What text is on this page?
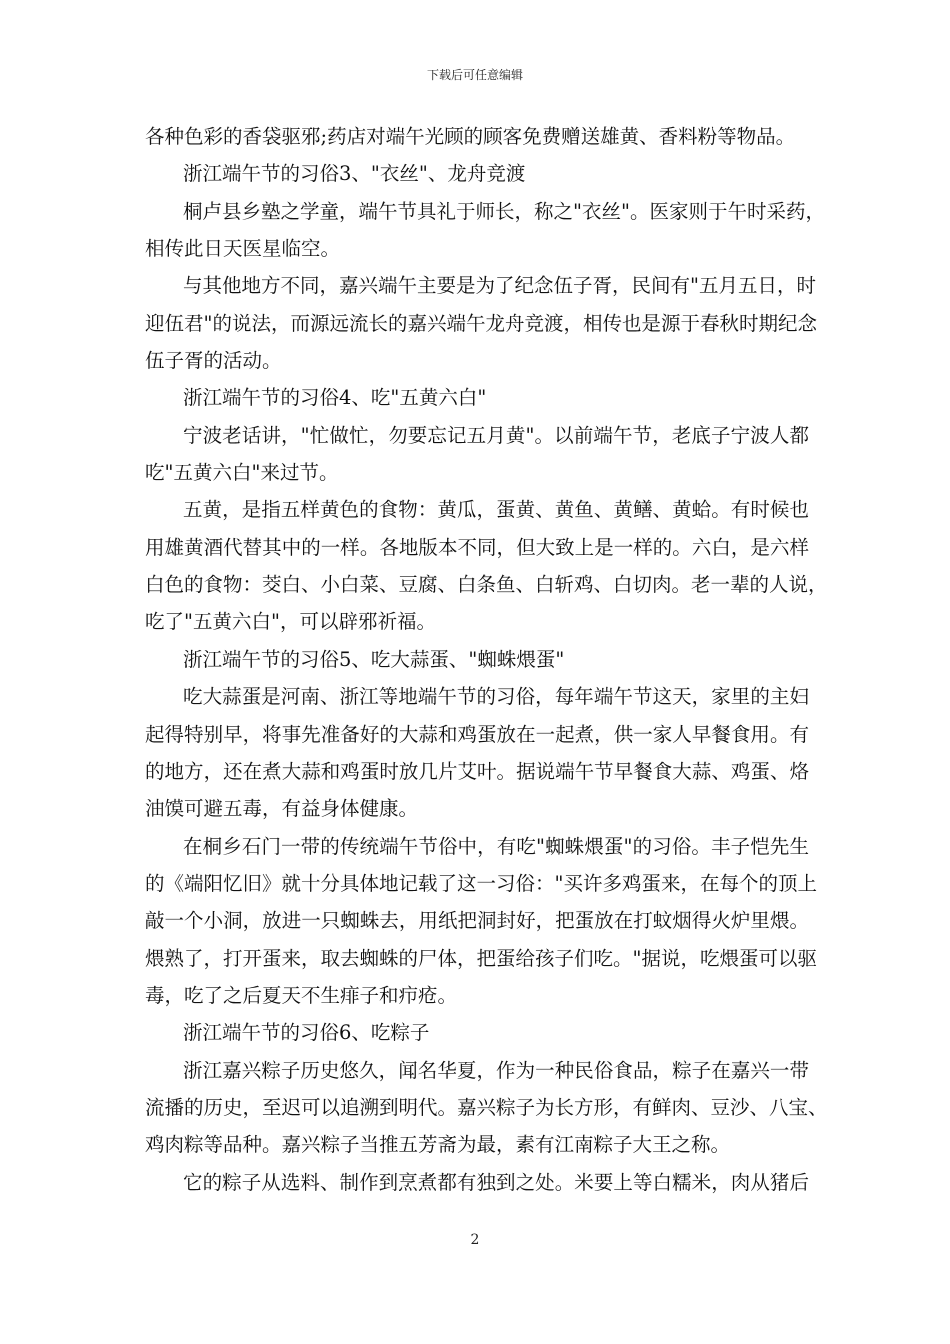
下载后可任意编辑
各种色彩的香袋驱邪;药店对端午光顾的顾客免费赠送雄黄、香料粉等物品。
浙江端午节的习俗3、"衣丝"、龙舟竞渡
桐卢县乡塾之学童，端午节具礼于师长，称之"衣丝"。医家则于午时采药，
相传此日天医星临空。
与其他地方不同，嘉兴端午主要是为了纪念伍子胥，民间有"五月五日，时
迎伍君"的说法，而源远流长的嘉兴端午龙舟竞渡，相传也是源于春秋时期纪念
伍子胥的活动。
浙江端午节的习俗4、吃"五黄六白"
宁波老话讲，"忙做忙，勿要忘记五月黄"。以前端午节，老底子宁波人都
吃"五黄六白"来过节。
五黄，是指五样黄色的食物：黄瓜，蛋黄、黄鱼、黄鳝、黄蛤。有时候也
用雄黄酒代替其中的一样。各地版本不同，但大致上是一样的。六白，是六样
白色的食物：茭白、小白菜、豆腐、白条鱼、白斩鸡、白切肉。老一辈的人说，
吃了"五黄六白"，可以辟邪祈福。
浙江端午节的习俗5、吃大蒜蛋、"蜘蛛煨蛋"
吃大蒜蛋是河南、浙江等地端午节的习俗，每年端午节这天，家里的主妇
起得特别早，将事先准备好的大蒜和鸡蛋放在一起煮，供一家人早餐食用。有
的地方，还在煮大蒜和鸡蛋时放几片艾叶。据说端午节早餐食大蒜、鸡蛋、烙
油馍可避五毒，有益身体健康。
在桐乡石门一带的传统端午节俗中，有吃"蜘蛛煨蛋"的习俗。丰子恺先生
的《端阳忆旧》就十分具体地记载了这一习俗："买许多鸡蛋来，在每个的顶上
敲一个小洞，放进一只蜘蛛去，用纸把洞封好，把蛋放在打蚊烟得火炉里煨。
煨熟了，打开蛋来，取去蜘蛛的尸体，把蛋给孩子们吃。"据说，吃煨蛋可以驱
毒，吃了之后夏天不生痱子和疖疮。
浙江端午节的习俗6、吃粽子
浙江嘉兴粽子历史悠久，闻名华夏，作为一种民俗食品，粽子在嘉兴一带
流播的历史，至迟可以追溯到明代。嘉兴粽子为长方形，有鲜肉、豆沙、八宝、
鸡肉粽等品种。嘉兴粽子当推五芳斋为最，素有江南粽子大王之称。
它的粽子从选料、制作到烹煮都有独到之处。米要上等白糯米，肉从猪后
2
